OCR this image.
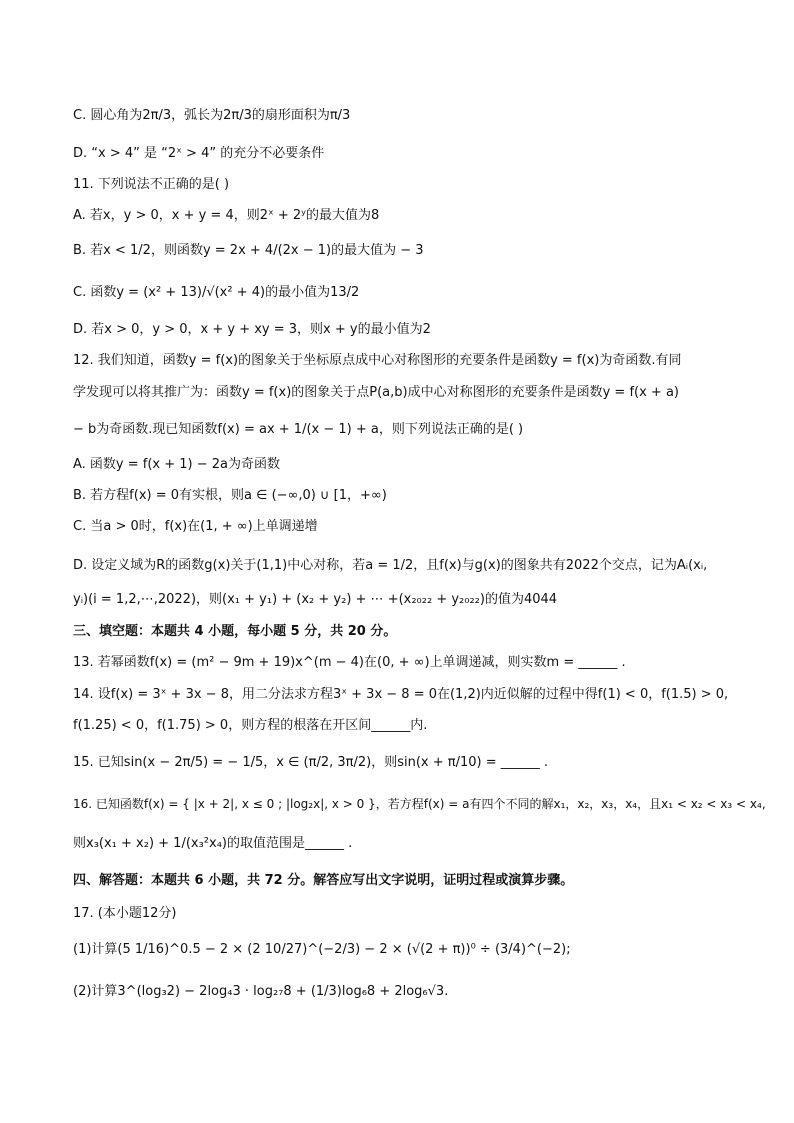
C. 圆心角为2π/3，弧长为2π/3的扇形面积为π/3
D. “x > 4” 是 “2ˣ > 4” 的充分不必要条件
11. 下列说法不正确的是( )
A. 若x，y > 0，x + y = 4，则2ˣ + 2ʸ的最大值为8
B. 若x < 1/2，则函数y = 2x + 4/(2x − 1)的最大值为 − 3
C. 函数y = (x² + 13)/√(x² + 4)的最小值为13/2
D. 若x > 0，y > 0，x + y + xy = 3，则x + y的最小值为2
12. 我们知道，函数y = f(x)的图象关于坐标原点成中心对称图形的充要条件是函数y = f(x)为奇函数.有同
学发现可以将其推广为：函数y = f(x)的图象关于点P(a,b)成中心对称图形的充要条件是函数y = f(x + a)
− b为奇函数.现已知函数f(x) = ax + 1/(x − 1) + a，则下列说法正确的是( )
A. 函数y = f(x + 1) − 2a为奇函数
B. 若方程f(x) = 0有实根，则a ∈ (−∞,0) ∪ [1，+∞)
C. 当a > 0时，f(x)在(1, + ∞)上单调递增
D. 设定义域为R的函数g(x)关于(1,1)中心对称，若a = 1/2，且f(x)与g(x)的图象共有2022个交点，记为Aᵢ(xᵢ,
yᵢ)(i = 1,2,⋯,2022)，则(x₁ + y₁) + (x₂ + y₂) + ⋯ +(x₂₀₂₂ + y₂₀₂₂)的值为4044
三、填空题：本题共 4 小题，每小题 5 分，共 20 分。
13. 若幂函数f(x) = (m² − 9m + 19)x^(m − 4)在(0, + ∞)上单调递减，则实数m = ______ .
14. 设f(x) = 3ˣ + 3x − 8，用二分法求方程3ˣ + 3x − 8 = 0在(1,2)内近似解的过程中得f(1) < 0，f(1.5) > 0,
f(1.25) < 0，f(1.75) > 0，则方程的根落在开区间______内.
15. 已知sin(x − 2π/5) = − 1/5，x ∈ (π/2, 3π/2)，则sin(x + π/10) = ______ .
16. 已知函数f(x) = { |x + 2|, x ≤ 0 ; |log₂x|, x > 0 }，若方程f(x) = a有四个不同的解x₁，x₂，x₃，x₄，且x₁ < x₂ < x₃ < x₄,
则x₃(x₁ + x₂) + 1/(x₃²x₄)的取值范围是______ .
四、解答题：本题共 6 小题，共 72 分。解答应写出文字说明，证明过程或演算步骤。
17. (本小题12分)
(1)计算(5 1/16)^0.5 − 2 × (2 10/27)^(−2/3) − 2 × (√(2 + π))⁰ ÷ (3/4)^(−2);
(2)计算3^(log₃2) − 2log₄3 · log₂₇8 + (1/3)log₆8 + 2log₆√3.
